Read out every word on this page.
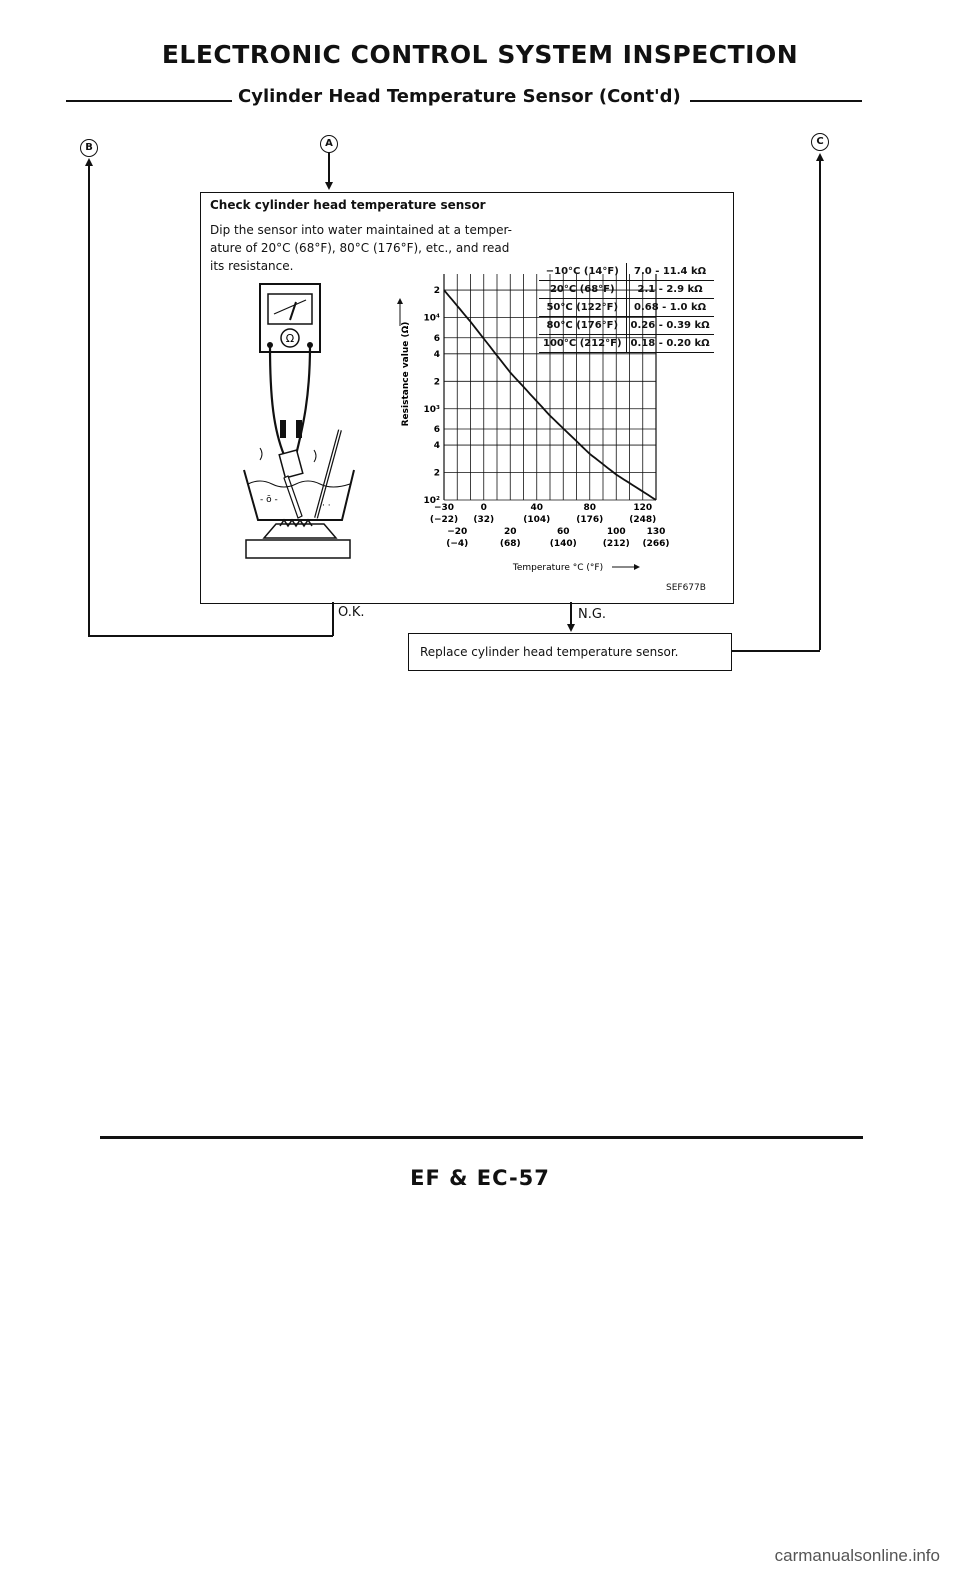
ELECTRONIC CONTROL SYSTEM INSPECTION
Cylinder Head Temperature Sensor (Cont'd)
B	A	C
Check cylinder head temperature sensor
Dip the sensor into water maintained at a temper-
ature of 20°C (68°F), 80°C (176°F), etc., and read
its resistance.
Ω
- ō -
· ·
−10°C (14°F)	7.0 - 11.4 kΩ
20°C (68°F)	2.1 - 2.9 kΩ
50°C (122°F)	0.68 - 1.0 kΩ
80°C (176°F)	0.26 - 0.39 kΩ
100°C (212°F)	0.18 - 0.20 kΩ
2
10⁴
6
4
2
10³
6
4
2
10²
−30	0	40	80	120
(−22) (32)	(104)	(176)	(248)
−20	20	60	100 130
(−4)	(68)	(140)	(212) (266)
Resistance value (Ω)
Temperature °C (°F)
SEF677B
O.K.	N.G.
Replace cylinder head temperature sensor.
EF & EC-57
carmanualsonline.info
